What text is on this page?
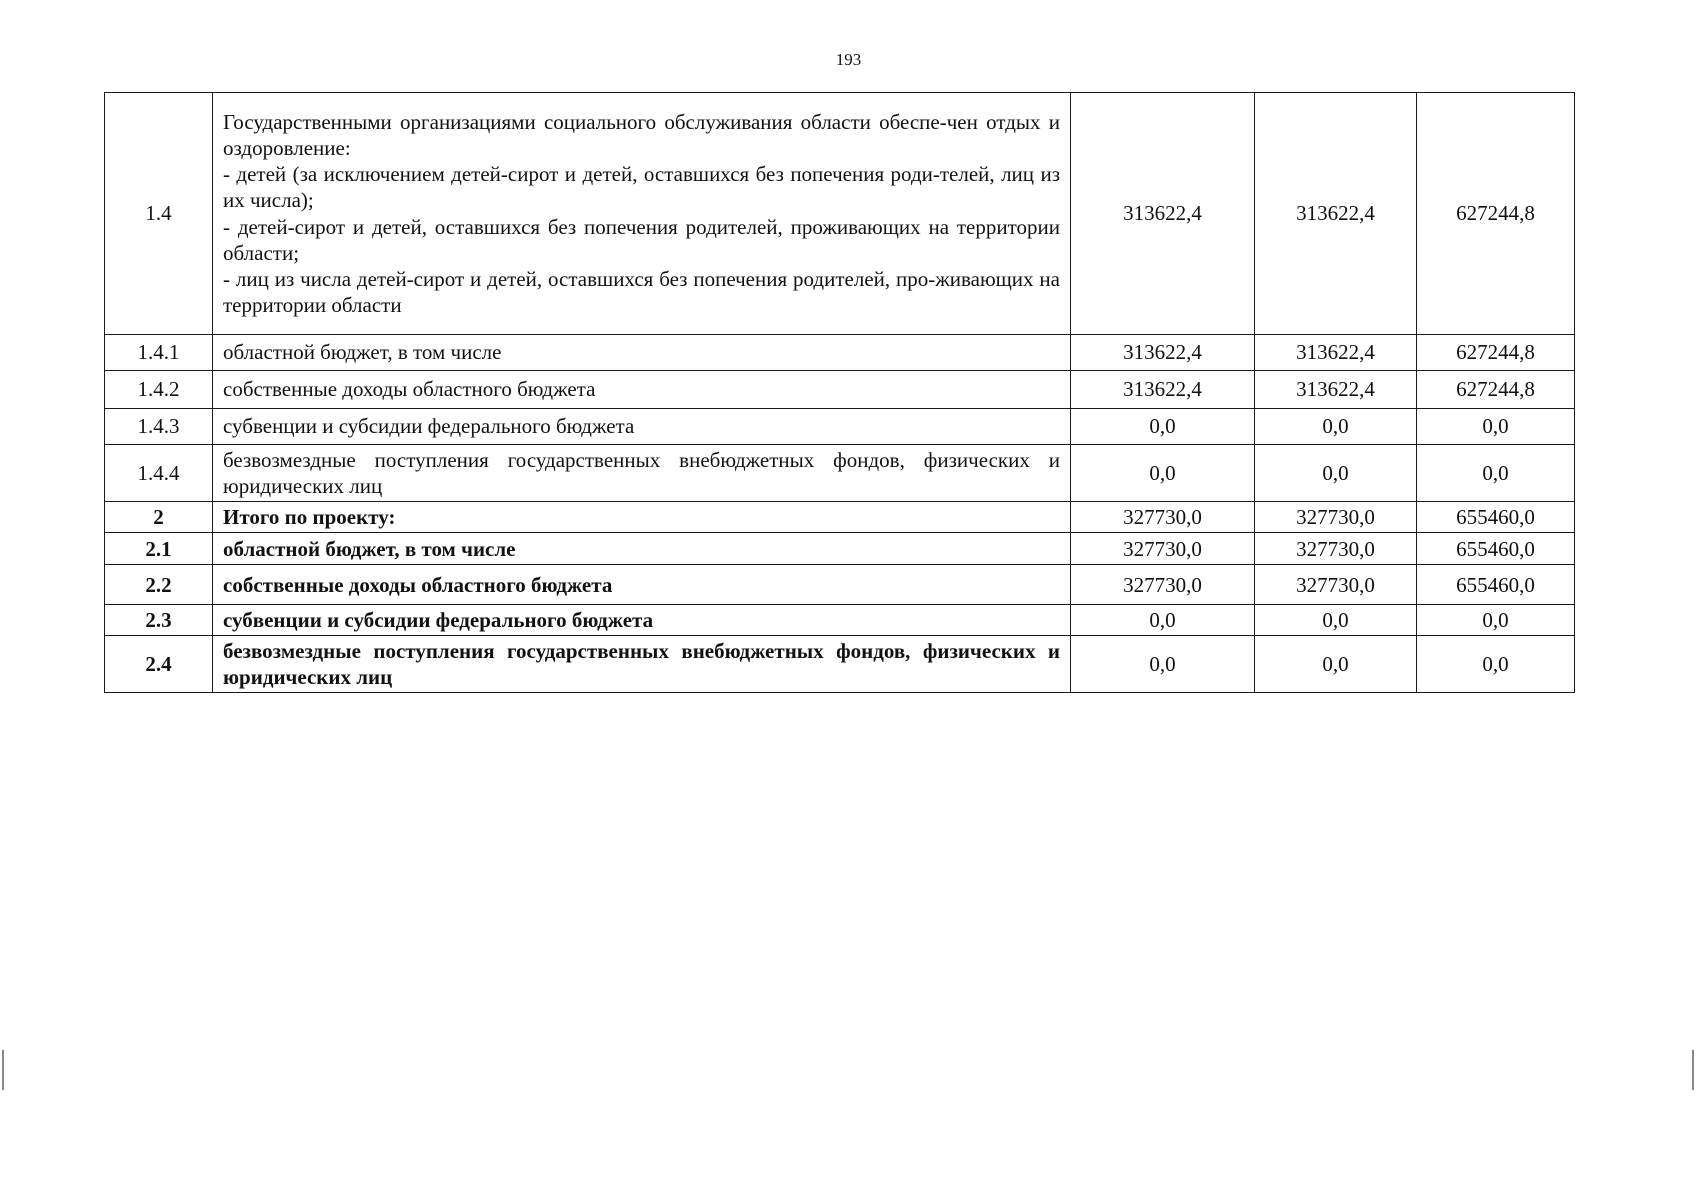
193
1.4	Государственными организациями социального обслуживания области обеспе-чен отдых и оздоровление:
- детей (за исключением детей-сирот и детей, оставшихся без попечения роди-телей, лиц из их числа);
- детей-сирот и детей, оставшихся без попечения родителей, проживающих на территории области;
- лиц из числа детей-сирот и детей, оставшихся без попечения родителей, про-живающих на территории области	313622,4	313622,4	627244,8
1.4.1	областной бюджет, в том числе	313622,4	313622,4	627244,8
1.4.2	собственные доходы областного бюджета	313622,4	313622,4	627244,8
1.4.3	субвенции и субсидии федерального бюджета	0,0	0,0	0,0
1.4.4	безвозмездные поступления государственных внебюджетных фондов, физических и юридических лиц	0,0	0,0	0,0
2	Итого по проекту:	327730,0	327730,0	655460,0
2.1	областной бюджет, в том числе	327730,0	327730,0	655460,0
2.2	собственные доходы областного бюджета	327730,0	327730,0	655460,0
2.3	субвенции и субсидии федерального бюджета	0,0	0,0	0,0
2.4	безвозмездные поступления государственных внебюджетных фондов, физических и юридических лиц	0,0	0,0	0,0
